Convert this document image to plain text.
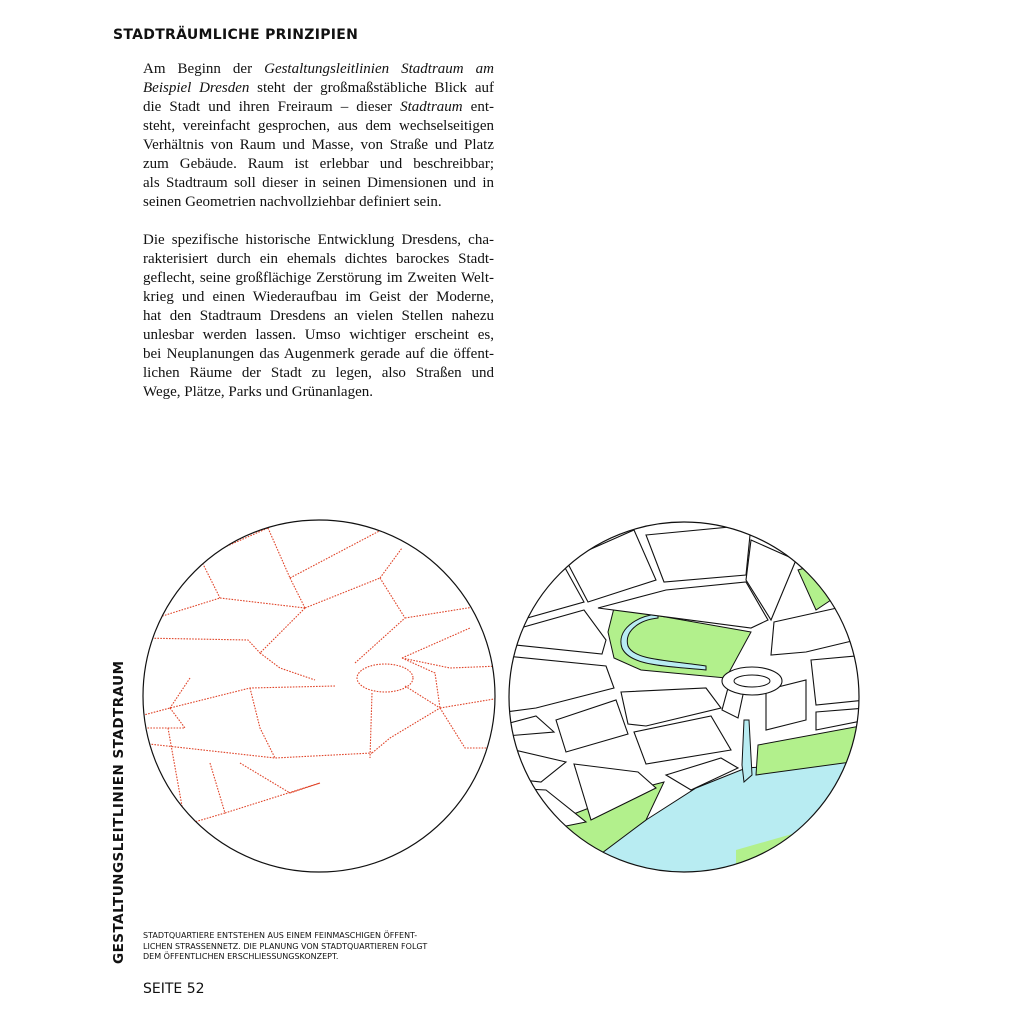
STADTRÄUMLICHE PRINZIPIEN

Am Beginn der Gestaltungsleitlinien Stadtraum am
Beispiel Dresden steht der großmaßstäbliche Blick auf
die Stadt und ihren Freiraum – dieser Stadtraum ent-
steht, vereinfacht gesprochen, aus dem wechselseitigen
Verhältnis von Raum und Masse, von Straße und Platz
zum Gebäude. Raum ist erlebbar und beschreibbar;
als Stadtraum soll dieser in seinen Dimensionen und in
seinen Geometrien nachvollziehbar definiert sein.

Die spezifische historische Entwicklung Dresdens, cha-
rakterisiert durch ein ehemals dichtes barockes Stadt-
geflecht, seine großflächige Zerstörung im Zweiten Welt-
krieg und einen Wiederaufbau im Geist der Moderne,
hat den Stadtraum Dresdens an vielen Stellen nahezu
unlesbar werden lassen. Umso wichtiger erscheint es,
bei Neuplanungen das Augenmerk gerade auf die öffent-
lichen Räume der Stadt zu legen, also Straßen und
Wege, Plätze, Parks und Grünanlagen.

GESTALTUNGSLEITLINIEN STADTRAUM STADTQUARTIERE ENTSTEHEN AUS EINEM FEINMASCHIGEN ÖFFENT-
LICHEN STRASSENNETZ. DIE PLANUNG VON STADTQUARTIEREN FOLGT
DEM ÖFFENTLICHEN ERSCHLIESSUNGSKONZEPT.
SEITE 52
